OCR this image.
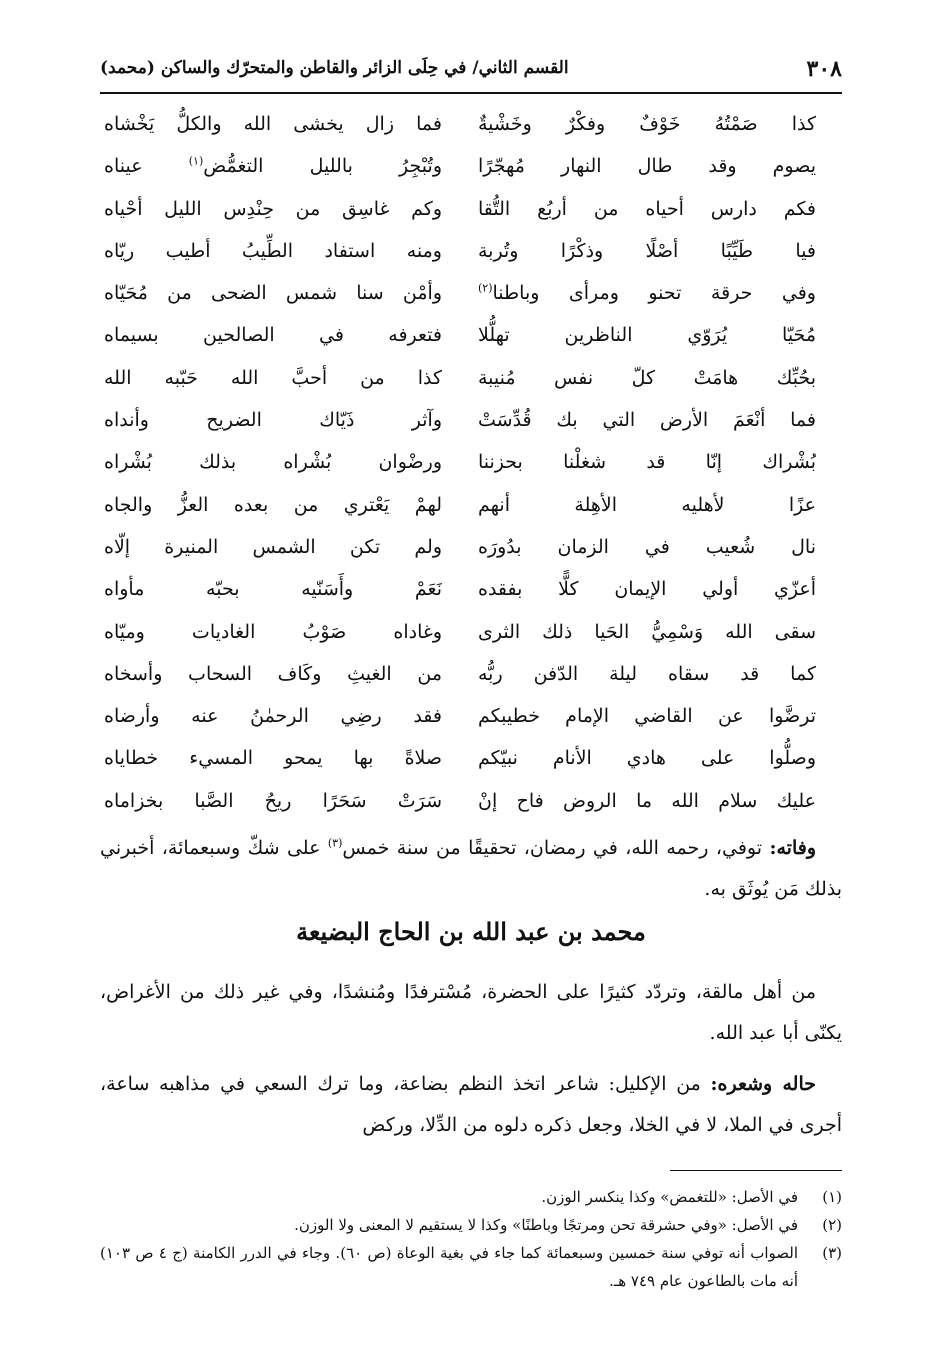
٣٠٨
القسم الثاني/ في حِلَى الزائر والقاطن والمتحرّك والساكن (محمد)
كذا صَمْتُهُ خَوْفٌ وفكْرٌ وخَشْيةٌ
فما زال يخشى الله والكلُّ يَخْشاه
يصوم وقد طال النهار مُهجّرًا
وتُبْجِرُ بالليل التغمُّض$^{(١)}$ عيناه
فكم دارس أحياه من أربُع التُّقا
وكم غاسِق من حِنْدِس الليل أحْياه
فيا طَيِّبًا أصْلًا وذكْرًا وتُربة
ومنه استفاد الطِّيبُ أطيب ريّاه
وفي حرقة تحنو ومرأى وباطنا$^{(٢)}$
وأمْن سنا شمس الضحى من مُحَيّاه
مُحَيّا يُرَوّي الناظرين تهلُّلا
فتعرفه في الصالحين بسيماه
بحُبِّك هامَتْ كلّ نفس مُنيبة
كذا من أحبَّ الله حَبّبه الله
فما أنْعَمَ الأرض التي بك قُدِّسَتْ
وآثر ذَيّاك الضريح وأنداه
بُشْراك إنّا قد شغلْنا بحزننا
ورضْوان بُشْراه بذلك بُشْراه
عزًا لأهليه الأهِلة أنهم
لهمْ يَعْتري من بعده العزُّ والجاه
نال شُعيب في الزمان بدُورَه
ولم تكن الشمس المنيرة إلّاه
أعزّي أولي الإيمان كلًّا بفقده
نَعَمْ وأَسَنّيه بحبّه مأواه
سقى الله وَسْمِيُّ الحَيا ذلك الثرى
وغاداه صَوْبُ الغاديات وميّاه
كما قد سقاه ليلة الدّفن ربُّه
من الغيثِ وكَاف السحاب وأسخاه
ترضَّوا عن القاضي الإمام خطيبكم
فقد رضِي الرحمٰنُ عنه وأرضاه
وصلُّوا على هادي الأنام نبيّكم
صلاةً بها يمحو المسيء خطاياه
عليك سلام الله ما الروض فاح إنْ
سَرَتْ سَحَرًا ريحُ الصَّبا بخزاماه
وفاته: توفي، رحمه الله، في رمضان، تحقيقًا من سنة خمس$^{(٣)}$ على شكّ وسبعمائة، أخبرني بذلك مَن يُوثَق به.
محمد بن عبد الله بن الحاج البضيعة
من أهل مالقة، وتردّد كثيرًا على الحضرة، مُسْترفدًا ومُنشدًا، وفي غير ذلك من الأغراض، يكنّى أبا عبد الله.
حاله وشعره: من الإكليل: شاعر اتخذ النظم بضاعة، وما ترك السعي في مذاهبه ساعة، أجرى في الملا، لا في الخلا، وجعل ذكره دلوه من الدِّلا، وركض
(١)
في الأصل: «للتغمض» وكذا ينكسر الوزن.
(٢)
في الأصل: «وفي حشرقة تحن ومرتجًا وباطنًا» وكذا لا يستقيم لا المعنى ولا الوزن.
(٣)
الصواب أنه توفي سنة خمسين وسبعمائة كما جاء في بغية الوعاة (ص ٦٠). وجاء في الدرر الكامنة (ج ٤ ص ١٠٣) أنه مات بالطاعون عام ٧٤٩ هـ.
